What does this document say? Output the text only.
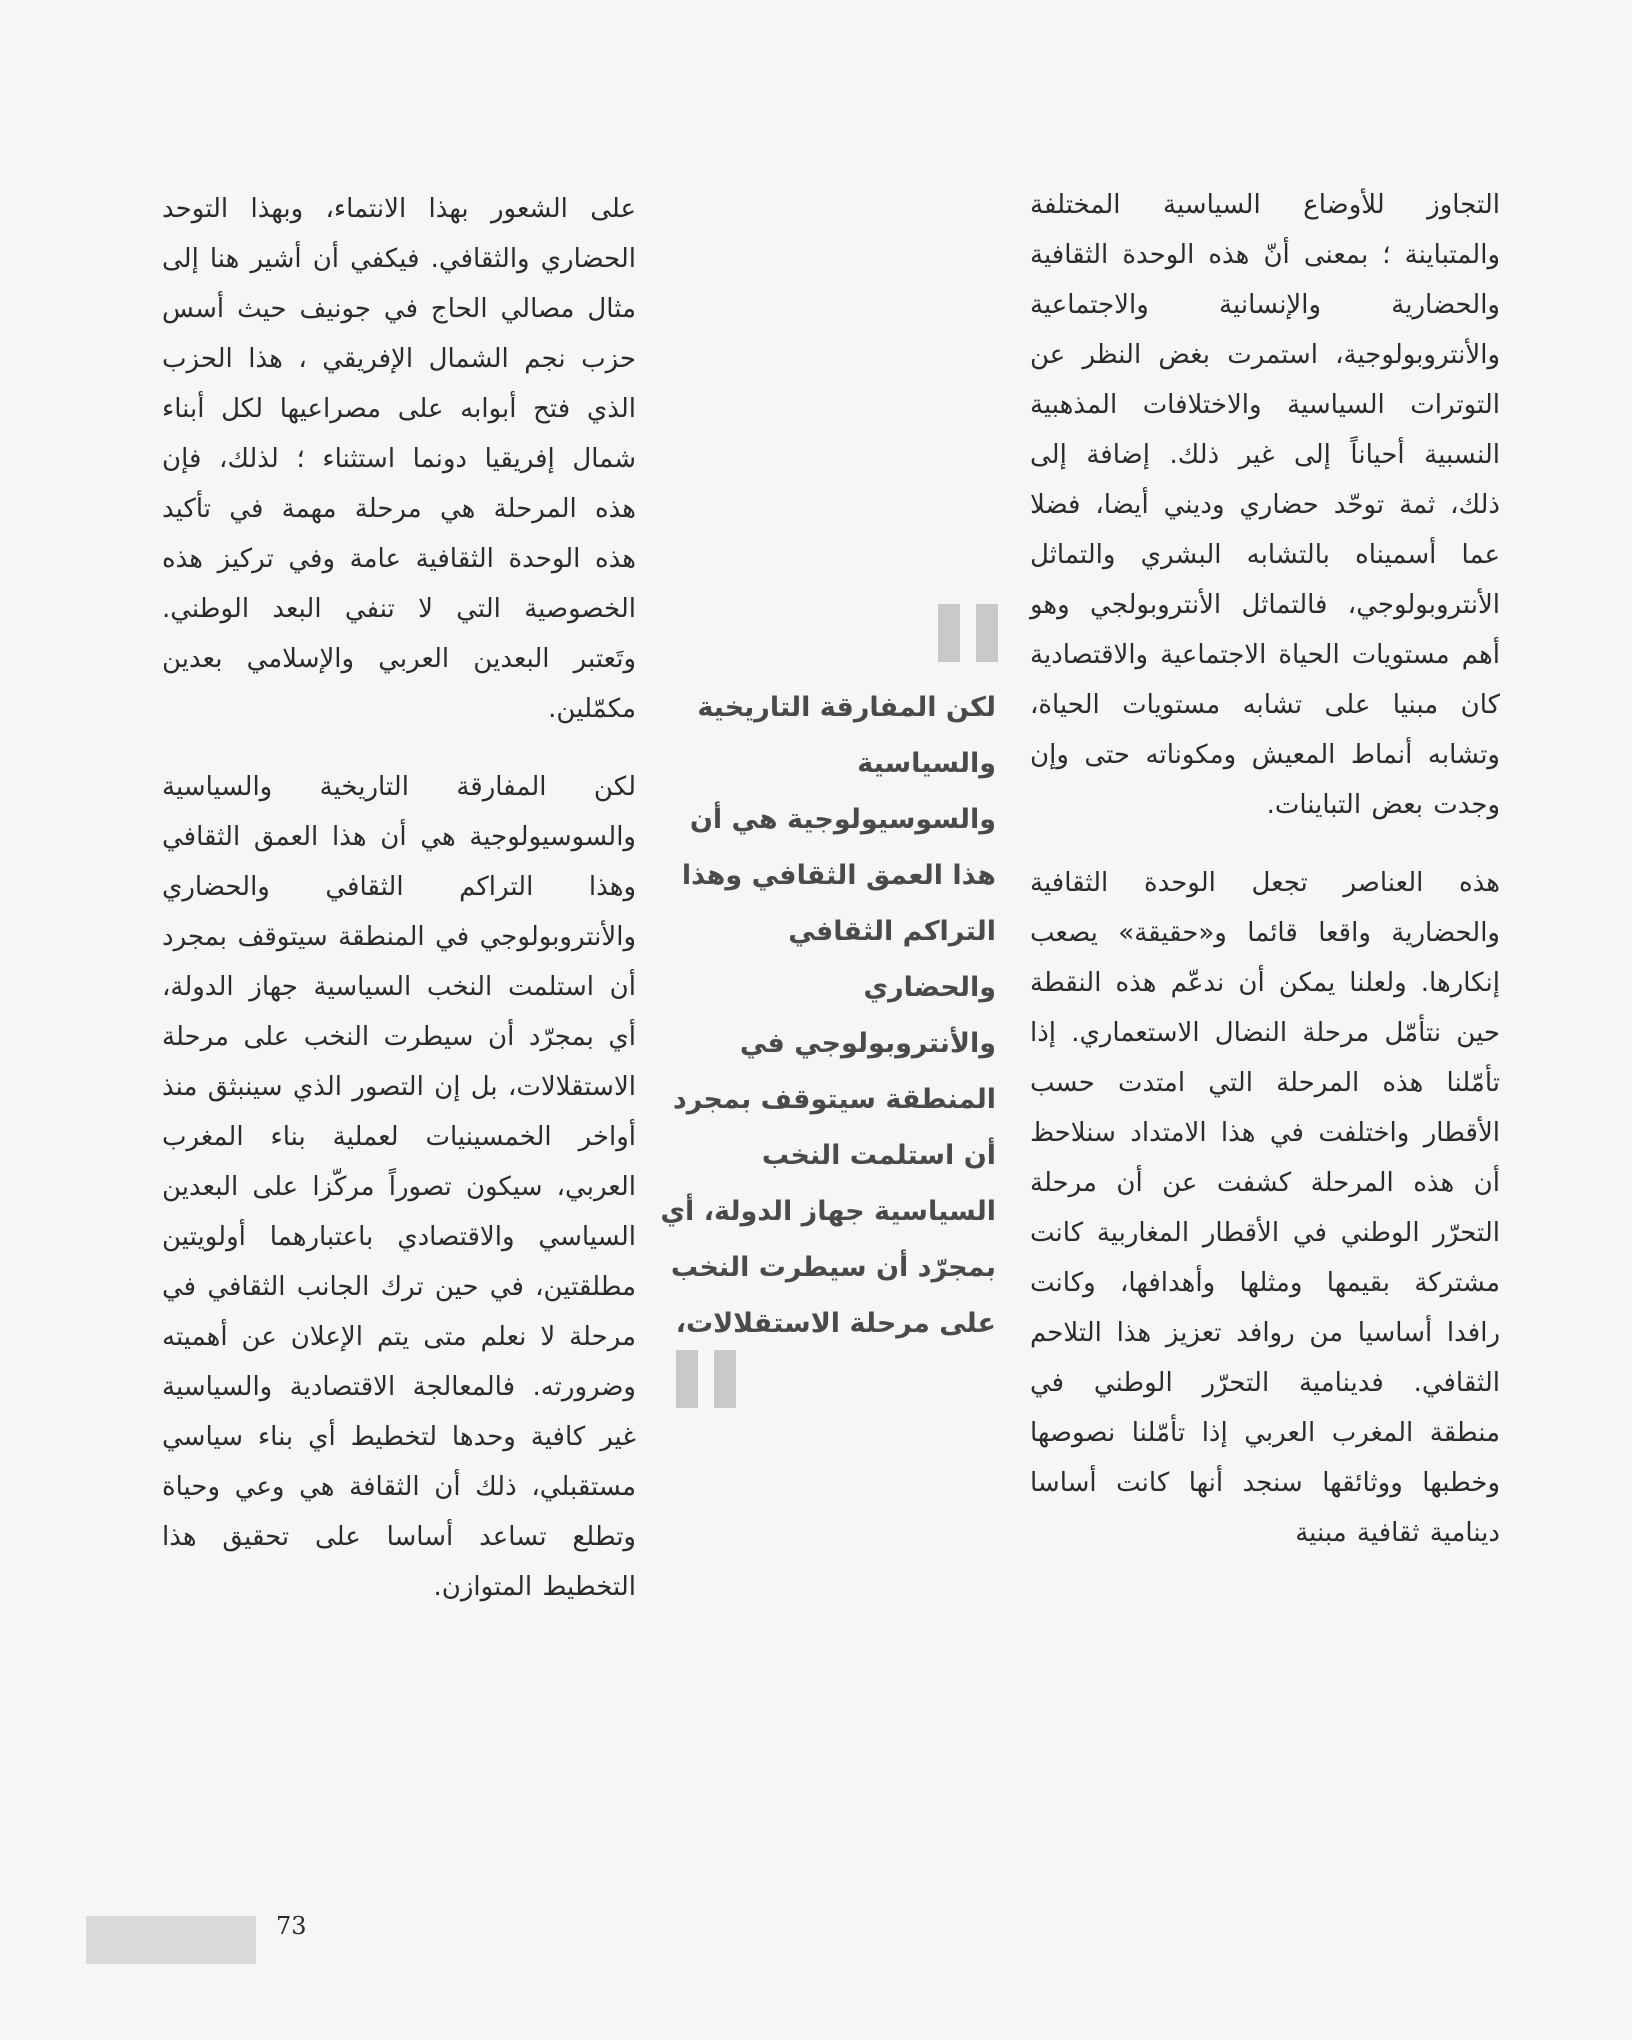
التجاوز للأوضاع السياسية المختلفة والمتباينة ؛ بمعنى أنّ هذه الوحدة الثقافية والحضارية والإنسانية والاجتماعية والأنتروبولوجية، استمرت بغض النظر عن التوترات السياسية والاختلافات المذهبية النسبية أحياناً إلى غير ذلك. إضافة إلى ذلك، ثمة توحّد حضاري وديني أيضا، فضلا عما أسميناه بالتشابه البشري والتماثل الأنتروبولوجي، فالتماثل الأنتروبولجي وهو أهم مستويات الحياة الاجتماعية والاقتصادية كان مبنيا على تشابه مستويات الحياة، وتشابه أنماط المعيش ومكوناته حتى وإن وجدت بعض التباينات.

هذه العناصر تجعل الوحدة الثقافية والحضارية واقعا قائما و«حقيقة» يصعب إنكارها. ولعلنا يمكن أن ندعّم هذه النقطة حين نتأمّل مرحلة النضال الاستعماري. إذا تأمّلنا هذه المرحلة التي امتدت حسب الأقطار واختلفت في هذا الامتداد سنلاحظ أن هذه المرحلة كشفت عن أن مرحلة التحرّر الوطني في الأقطار المغاربية كانت مشتركة بقيمها ومثلها وأهدافها، وكانت رافدا أساسيا من روافد تعزيز هذا التلاحم الثقافي. فدينامية التحرّر الوطني في منطقة المغرب العربي إذا تأمّلنا نصوصها وخطبها ووثائقها سنجد أنها كانت أساسا دينامية ثقافية مبنية

لكن المفارقة التاريخية والسياسية والسوسيولوجية هي أن هذا العمق الثقافي وهذا التراكم الثقافي والحضاري والأنتروبولوجي في المنطقة سيتوقف بمجرد أن استلمت النخب السياسية جهاز الدولة، أي بمجرّد أن سيطرت النخب على مرحلة الاستقلالات،

على الشعور بهذا الانتماء، وبهذا التوحد الحضاري والثقافي. فيكفي أن أشير هنا إلى مثال مصالي الحاج في جونيف حيث أسس حزب نجم الشمال الإفريقي ، هذا الحزب الذي فتح أبوابه على مصراعيها لكل أبناء شمال إفريقيا دونما استثناء ؛ لذلك، فإن هذه المرحلة هي مرحلة مهمة في تأكيد هذه الوحدة الثقافية عامة وفي تركيز هذه الخصوصية التي لا تنفي البعد الوطني. وتَعتبر البعدين العربي والإسلامي بعدين مكمّلين.

لكن المفارقة التاريخية والسياسية والسوسيولوجية هي أن هذا العمق الثقافي وهذا التراكم الثقافي والحضاري والأنتروبولوجي في المنطقة سيتوقف بمجرد أن استلمت النخب السياسية جهاز الدولة، أي بمجرّد أن سيطرت النخب على مرحلة الاستقلالات، بل إن التصور الذي سينبثق منذ أواخر الخمسينيات لعملية بناء المغرب العربي، سيكون تصوراً مركّزا على البعدين السياسي والاقتصادي باعتبارهما أولويتين مطلقتين، في حين ترك الجانب الثقافي في مرحلة لا نعلم متى يتم الإعلان عن أهميته وضرورته. فالمعالجة الاقتصادية والسياسية غير كافية وحدها لتخطيط أي بناء سياسي مستقبلي، ذلك أن الثقافة هي وعي وحياة وتطلع تساعد أساسا على تحقيق هذا التخطيط المتوازن.

73
